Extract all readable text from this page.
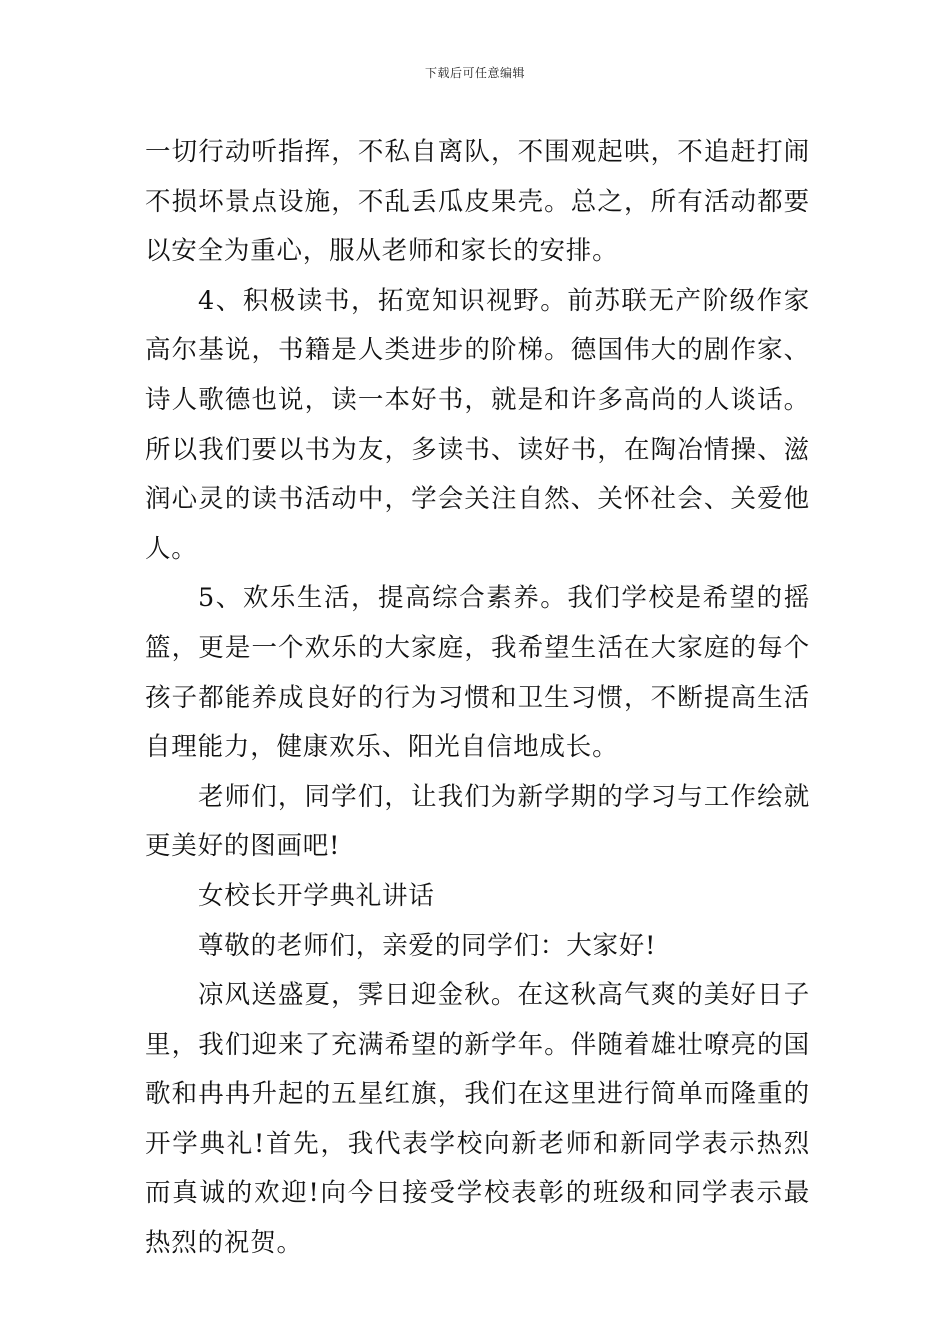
下载后可任意编辑

一切行动听指挥，不私自离队，不围观起哄，不追赶打闹不损坏景点设施，不乱丢瓜皮果壳。总之，所有活动都要以安全为重心，服从老师和家长的安排。

4、积极读书，拓宽知识视野。前苏联无产阶级作家高尔基说，书籍是人类进步的阶梯。德国伟大的剧作家、诗人歌德也说，读一本好书，就是和许多高尚的人谈话。所以我们要以书为友，多读书、读好书，在陶冶情操、滋润心灵的读书活动中，学会关注自然、关怀社会、关爱他人。

5、欢乐生活，提高综合素养。我们学校是希望的摇篮，更是一个欢乐的大家庭，我希望生活在大家庭的每个孩子都能养成良好的行为习惯和卫生习惯，不断提高生活自理能力，健康欢乐、阳光自信地成长。

老师们，同学们，让我们为新学期的学习与工作绘就更美好的图画吧!

女校长开学典礼讲话

尊敬的老师们，亲爱的同学们：大家好!

凉风送盛夏，霁日迎金秋。在这秋高气爽的美好日子里，我们迎来了充满希望的新学年。伴随着雄壮嘹亮的国歌和冉冉升起的五星红旗，我们在这里进行简单而隆重的开学典礼!首先，我代表学校向新老师和新同学表示热烈而真诚的欢迎!向今日接受学校表彰的班级和同学表示最热烈的祝贺。
